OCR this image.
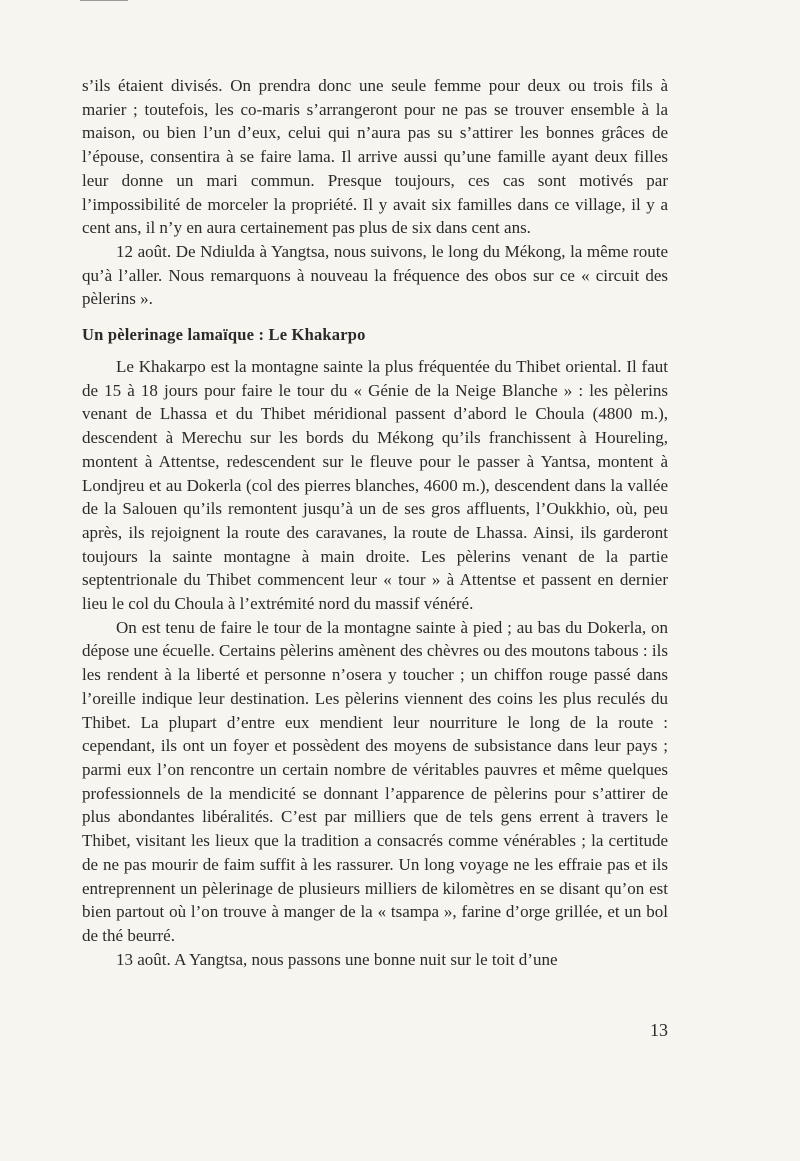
s’ils étaient divisés. On prendra donc une seule femme pour deux ou trois fils à marier ; toutefois, les co-maris s’arrangeront pour ne pas se trouver ensemble à la maison, ou bien l’un d’eux, celui qui n’aura pas su s’attirer les bonnes grâces de l’épouse, consentira à se faire lama. Il arrive aussi qu’une famille ayant deux filles leur donne un mari commun. Presque toujours, ces cas sont motivés par l’impossibilité de morceler la propriété. Il y avait six familles dans ce village, il y a cent ans, il n’y en aura certainement pas plus de six dans cent ans.

12 août. De Ndiulda à Yangtsa, nous suivons, le long du Mékong, la même route qu’à l’aller. Nous remarquons à nouveau la fréquence des obos sur ce « circuit des pèlerins ».

Un pèlerinage lamaïque : Le Khakarpo

Le Khakarpo est la montagne sainte la plus fréquentée du Thibet oriental. Il faut de 15 à 18 jours pour faire le tour du « Génie de la Neige Blanche » : les pèlerins venant de Lhassa et du Thibet méridional passent d’abord le Choula (4800 m.), descendent à Merechu sur les bords du Mékong qu’ils franchissent à Houreling, montent à Attentse, redescendent sur le fleuve pour le passer à Yantsa, montent à Londjreu et au Dokerla (col des pierres blanches, 4600 m.), descendent dans la vallée de la Salouen qu’ils remontent jusqu’à un de ses gros affluents, l’Oukkhio, où, peu après, ils rejoignent la route des caravanes, la route de Lhassa. Ainsi, ils garderont toujours la sainte montagne à main droite. Les pèlerins venant de la partie septentrionale du Thibet commencent leur « tour » à Attentse et passent en dernier lieu le col du Choula à l’extrémité nord du massif vénéré.

On est tenu de faire le tour de la montagne sainte à pied ; au bas du Dokerla, on dépose une écuelle. Certains pèlerins amènent des chèvres ou des moutons tabous : ils les rendent à la liberté et personne n’osera y toucher ; un chiffon rouge passé dans l’oreille indique leur destination. Les pèlerins viennent des coins les plus reculés du Thibet. La plupart d’entre eux mendient leur nourriture le long de la route : cependant, ils ont un foyer et possèdent des moyens de subsistance dans leur pays ; parmi eux l’on rencontre un certain nombre de véritables pauvres et même quelques professionnels de la mendicité se donnant l’apparence de pèlerins pour s’attirer de plus abondantes libéralités. C’est par milliers que de tels gens errent à travers le Thibet, visitant les lieux que la tradition a consacrés comme vénérables ; la certitude de ne pas mourir de faim suffit à les rassurer. Un long voyage ne les effraie pas et ils entreprennent un pèlerinage de plusieurs milliers de kilomètres en se disant qu’on est bien partout où l’on trouve à manger de la « tsampa », farine d’orge grillée, et un bol de thé beurré.

13 août. A Yangtsa, nous passons une bonne nuit sur le toit d’une

13
